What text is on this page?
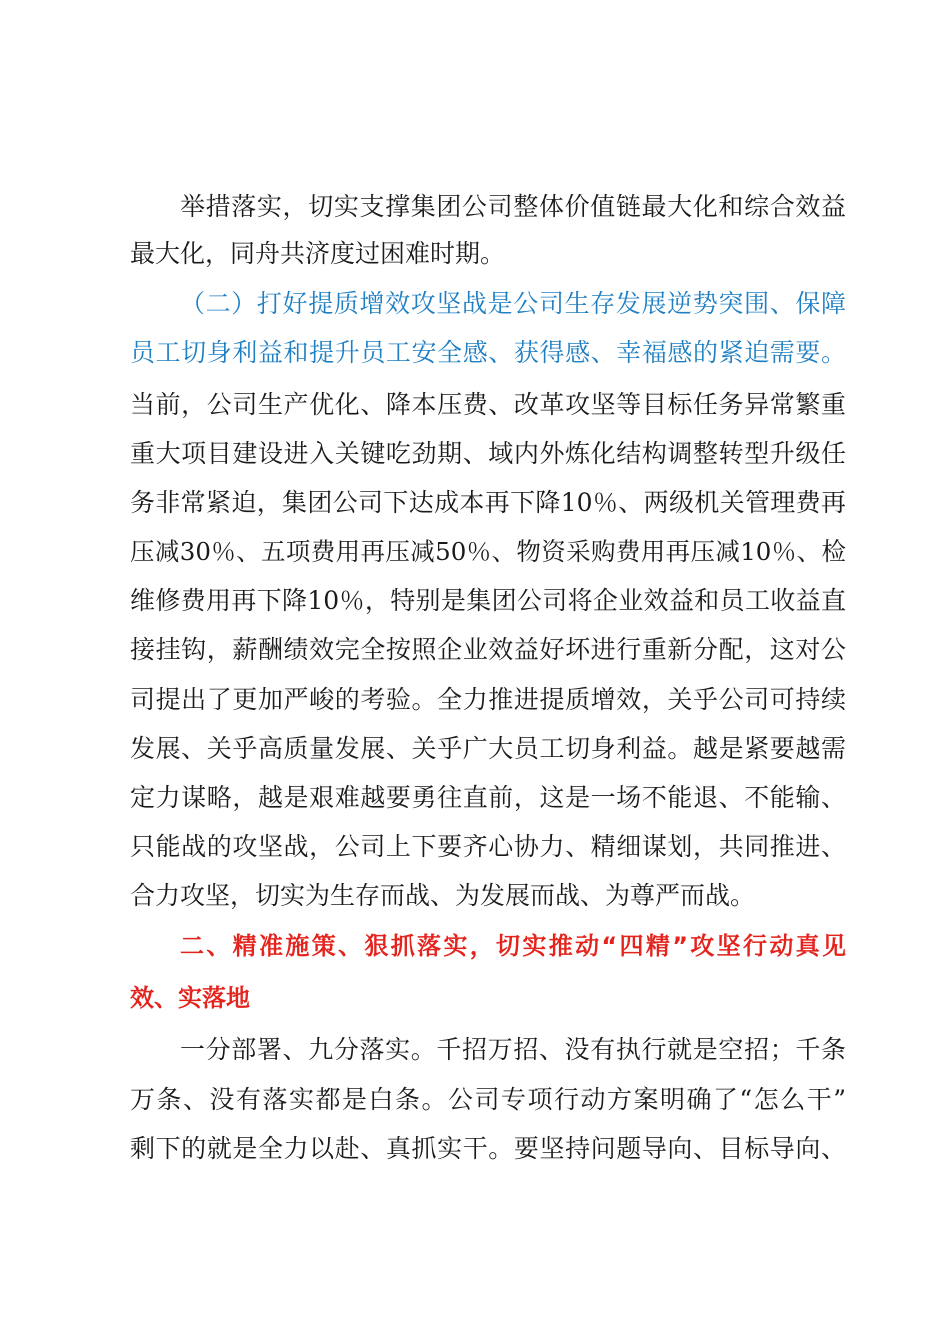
举措落实，切实支撑集团公司整体价值链最大化和综合效益
最大化，同舟共济度过困难时期。
（二）打好提质增效攻坚战是公司生存发展逆势突围、保障
员工切身利益和提升员工安全感、获得感、幸福感的紧迫需要。
当前，公司生产优化、降本压费、改革攻坚等目标任务异常繁重
重大项目建设进入关键吃劲期、域内外炼化结构调整转型升级任
务非常紧迫，集团公司下达成本再下降10％、两级机关管理费再
压减30％、五项费用再压减50％、物资采购费用再压减10％、检
维修费用再下降10％，特别是集团公司将企业效益和员工收益直
接挂钩，薪酬绩效完全按照企业效益好坏进行重新分配，这对公
司提出了更加严峻的考验。全力推进提质增效，关乎公司可持续
发展、关乎高质量发展、关乎广大员工切身利益。越是紧要越需
定力谋略，越是艰难越要勇往直前，这是一场不能退、不能输、
只能战的攻坚战，公司上下要齐心协力、精细谋划，共同推进、
合力攻坚，切实为生存而战、为发展而战、为尊严而战。
二、精准施策、狠抓落实，切实推动“四精”攻坚行动真见
效、实落地
一分部署、九分落实。千招万招、没有执行就是空招；千条
万条、没有落实都是白条。公司专项行动方案明确了“怎么干”
剩下的就是全力以赴、真抓实干。要坚持问题导向、目标导向、
